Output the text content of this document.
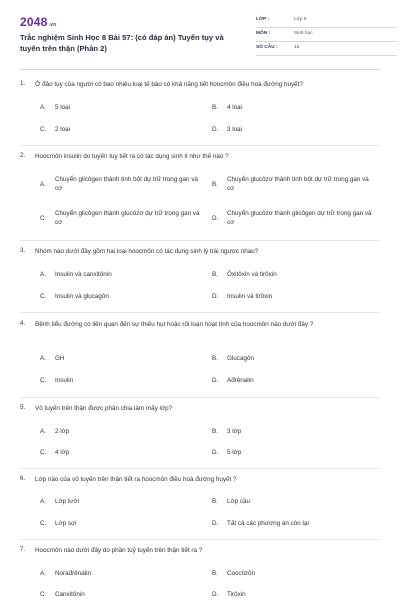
2048.vn
Trắc nghiệm Sinh Học 8 Bài 57: (có đáp án) Tuyến tụy và tuyến trên thận (Phần 2)
LỚP :	Lớp 8
MÔN :	Sinh học
SỐ CÂU :	15
1. Ở đảo tụy của người có bao nhiêu loại tế bào có khả năng tiết hoocmôn điều hoà đường huyết?
A. 5 loại	B. 4 loại
C. 2 loại	D. 3 loại
2. Hoocmôn insulin do tuyến tuỵ tiết ra có tác dụng sinh lí như thế nào ?
A.
Chuyển glicôgen thành tinh bột dự trữ trong gan và cơ
B.
Chuyển glucôzơ thành tinh bột dự trữ trong gan và cơ
C.
Chuyển glicôgen thành glucôzơ dự trữ trong gan và cơ
D.
Chuyển glucôzơ thành glicôgen dự trữ trong gan và cơ
3. Nhóm nào dưới đây gồm hai loại hoocmôn có tác dụng sinh lý trái ngược nhau?
A. Insulin và canxitônin	B. Ôxitôxin và tirôxin
C. Insulin và glucagôn	D. Insulin và tirôxin
4. Bệnh tiểu đường có liên quan đến sự thiếu hụt hoặc rối loạn hoạt tính của hoocmôn nào dưới đây ?
A. GH	B. Glucagôn
C. Insulin	D. Ađrênalin
5. Vỏ tuyến trên thận được phân chia làm mấy lớp?
A. 2 lớp	B. 3 lớp
C. 4 lớp	D. 5 lớp
6. Lớp nào của vỏ tuyến trên thận tiết ra hoocmôn điều hoà đường huyết ?
A. Lớp lưới	B. Lớp cầu
C. Lớp sợi	D. Tất cả các phương án còn lại
7. Hoocmôn nào dưới đây do phần tuỷ tuyến trên thận tiết ra ?
A. Norađrênalin	B. Cooctizôn
C. Canxitônin	D. Tirôxin
